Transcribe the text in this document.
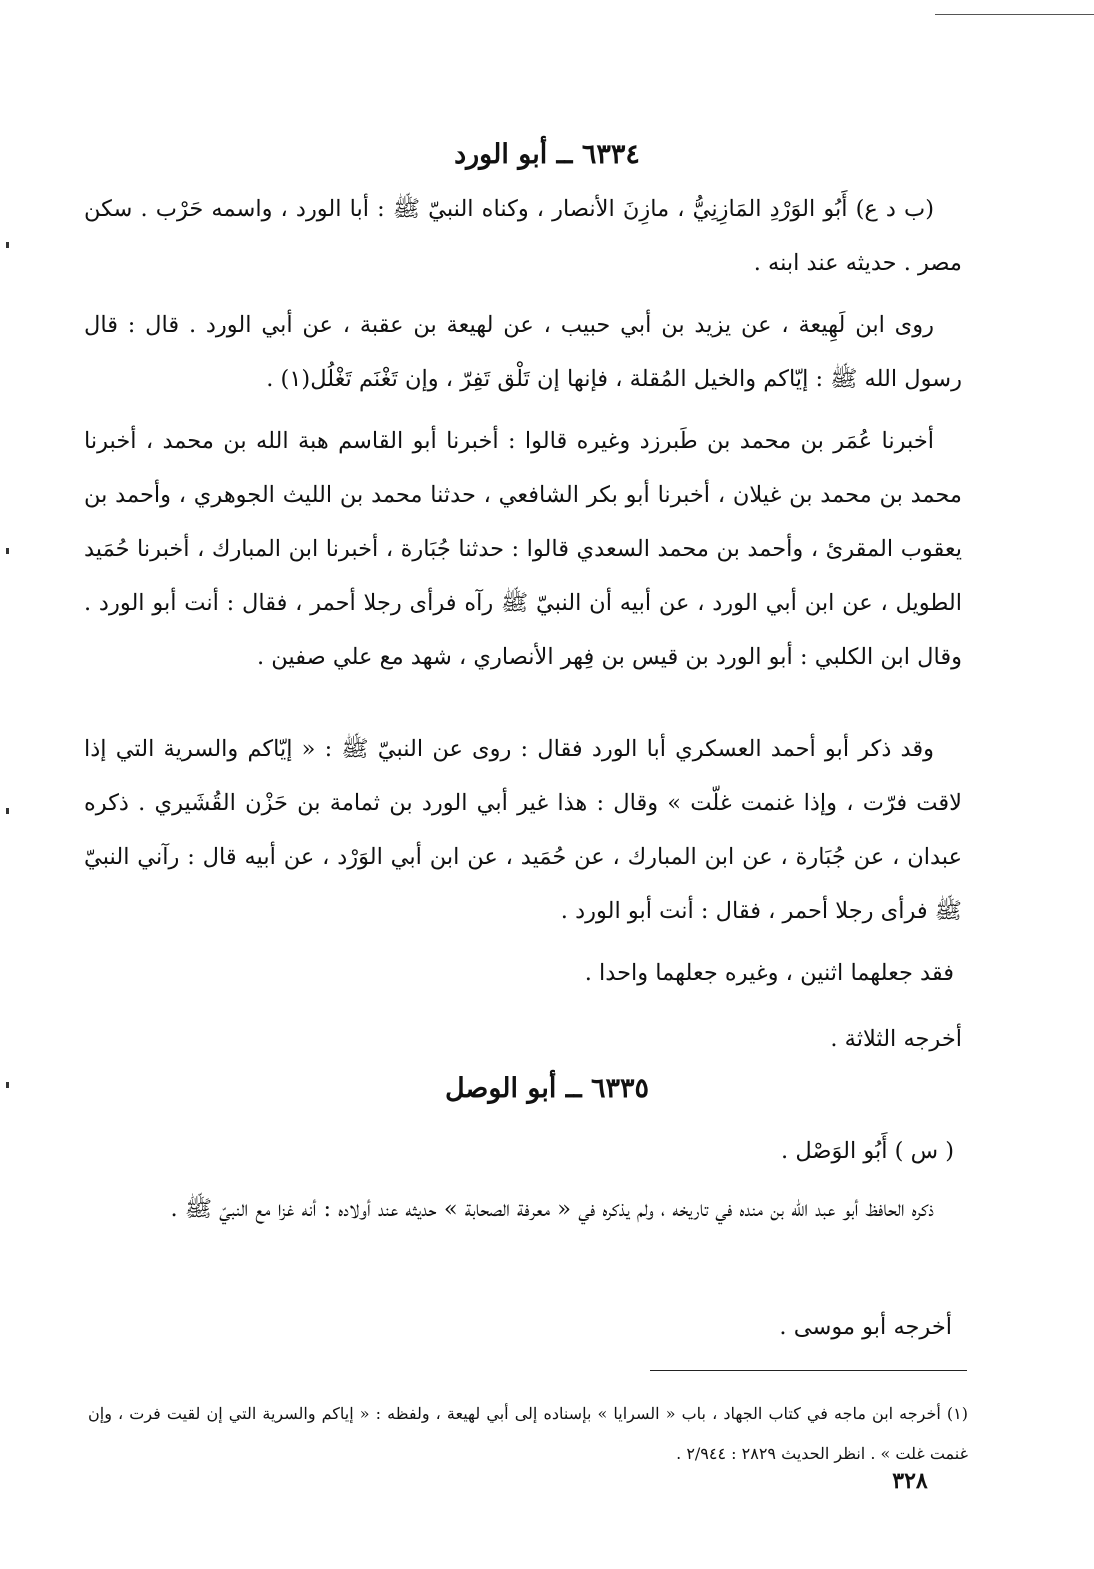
٦٣٣٤ ــ أبو الورد

(ب د ع) أَبُو الوَرْدِ المَازِنِيُّ ، مازِنَ الأنصار ، وكناه النبيّ ﷺ : أبا الورد ، واسمه حَرْب . سكن مصر . حديثه عند ابنه .

روى ابن لَهِيعة ، عن يزيد بن أبي حبيب ، عن لهيعة بن عقبة ، عن أبي الورد . قال : قال رسول الله ﷺ : إيّاكم والخيل المُقلة ، فإنها إن تَلْق تَفِرّ ، وإن تَغْنَم تَغْلُل(١) .

أخبرنا عُمَر بن محمد بن طَبرزد وغيره قالوا : أخبرنا أبو القاسم هبة الله بن محمد ، أخبرنا محمد بن محمد بن غيلان ، أخبرنا أبو بكر الشافعي ، حدثنا محمد بن الليث الجوهري ، وأحمد بن يعقوب المقرئ ، وأحمد بن محمد السعدي قالوا : حدثنا جُبَارة ، أخبرنا ابن المبارك ، أخبرنا حُمَيد الطويل ، عن ابن أبي الورد ، عن أبيه أن النبيّ ﷺ رآه فرأى رجلا أحمر ، فقال : أنت أبو الورد . وقال ابن الكلبي : أبو الورد بن قيس بن فِهر الأنصاري ، شهد مع علي صفين .

وقد ذكر أبو أحمد العسكري أبا الورد فقال : روى عن النبيّ ﷺ : « إيّاكم والسرية التي إذا لاقت فرّت ، وإذا غنمت غلّت » وقال : هذا غير أبي الورد بن ثمامة بن حَزْن القُشَيري . ذكره عبدان ، عن جُبَارة ، عن ابن المبارك ، عن حُمَيد ، عن ابن أبي الوَرْد ، عن أبيه قال : رآني النبيّ ﷺ فرأى رجلا أحمر ، فقال : أنت أبو الورد .

فقد جعلهما اثنين ، وغيره جعلهما واحدا .

أخرجه الثلاثة .

٦٣٣٥ ــ أبو الوصل

( س ) أَبُو الوَصْل .

ذكره الحافظ أبو عبد الله بن منده في تاريخه ، ولم يذكره في « معرفة الصحابة » حديثه عند أولاده : أنه غزا مع النبيّ ﷺ .

أخرجه أبو موسى .

(١) أخرجه ابن ماجه في كتاب الجهاد ، باب « السرايا » بإسناده إلى أبي لهيعة ، ولفظه : « إياكم والسرية التي إن لقيت فرت ، وإن غنمت غلت » . انظر الحديث ٢٨٢٩ : ٢/٩٤٤ .

٣٢٨
